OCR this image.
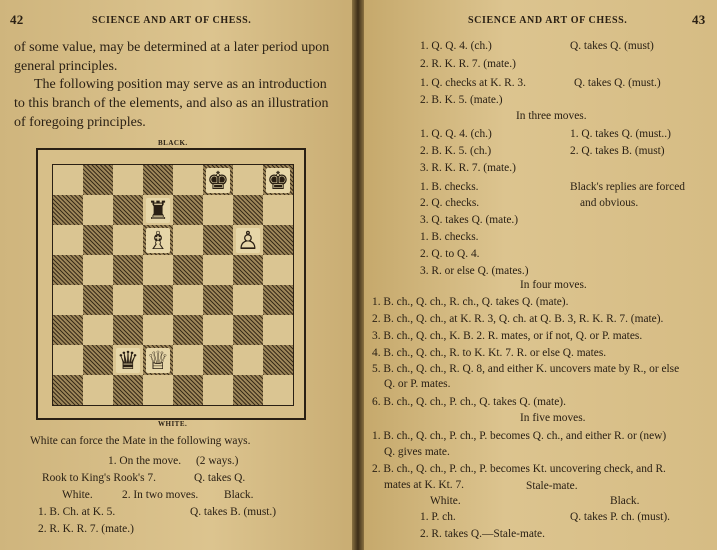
42	SCIENCE AND ART OF CHESS.
of some value, may be determined at a later period upon
general principles.
The following position may serve as an introduction
to this branch of the elements, and also as an illustration
of foregoing principles.
BLACK.
♚ ♚
♜
♗	♙
♛ ♕
WHITE.
White can force the Mate in the following ways.
1. On the move. (2 ways.)
Rook to King's Rook's 7.	Q. takes Q.
White.	2. In two moves. Black.
1. B. Ch. at K. 5.	Q. takes B. (must.)
2. R. K. R. 7. (mate.)
SCIENCE AND ART OF CHESS.	43
1. Q. Q. 4. (ch.)	Q. takes Q. (must)
2. R. K. R. 7. (mate.)
1. Q. checks at K. R. 3.	Q. takes Q. (must.)
2. B. K. 5. (mate.)
In three moves.
1. Q. Q. 4. (ch.)	1. Q. takes Q. (must..)
2. B. K. 5. (ch.)	2. Q. takes B. (must)
3. R. K. R. 7. (mate.)
1. B. checks.	Black's replies are forced
2. Q. checks.	and obvious.
3. Q. takes Q. (mate.)
1. B. checks.
2. Q. to Q. 4.
3. R. or else Q. (mates.)
In four moves.
1. B. ch., Q. ch., R. ch., Q. takes Q. (mate).
2. B. ch., Q. ch., at K. R. 3, Q. ch. at Q. B. 3, R. K. R. 7. (mate).
3. B. ch., Q. ch., K. B. 2. R. mates, or if not, Q. or P. mates.
4. B. ch., Q. ch., R. to K. Kt. 7. R. or else Q. mates.
5. B. ch., Q. ch., R. Q. 8, and either K. uncovers mate by R., or else
Q. or P. mates.
6. B. ch., Q. ch., P. ch., Q. takes Q. (mate).
In five moves.
1. B. ch., Q. ch., P. ch., P. becomes Q. ch., and either R. or (new)
Q. gives mate.
2. B. ch., Q. ch., P. ch., P. becomes Kt. uncovering check, and R.
mates at K. Kt. 7.	Stale-mate.
White.	Black.
1. P. ch.	Q. takes P. ch. (must).
2. R. takes Q.—Stale-mate.
